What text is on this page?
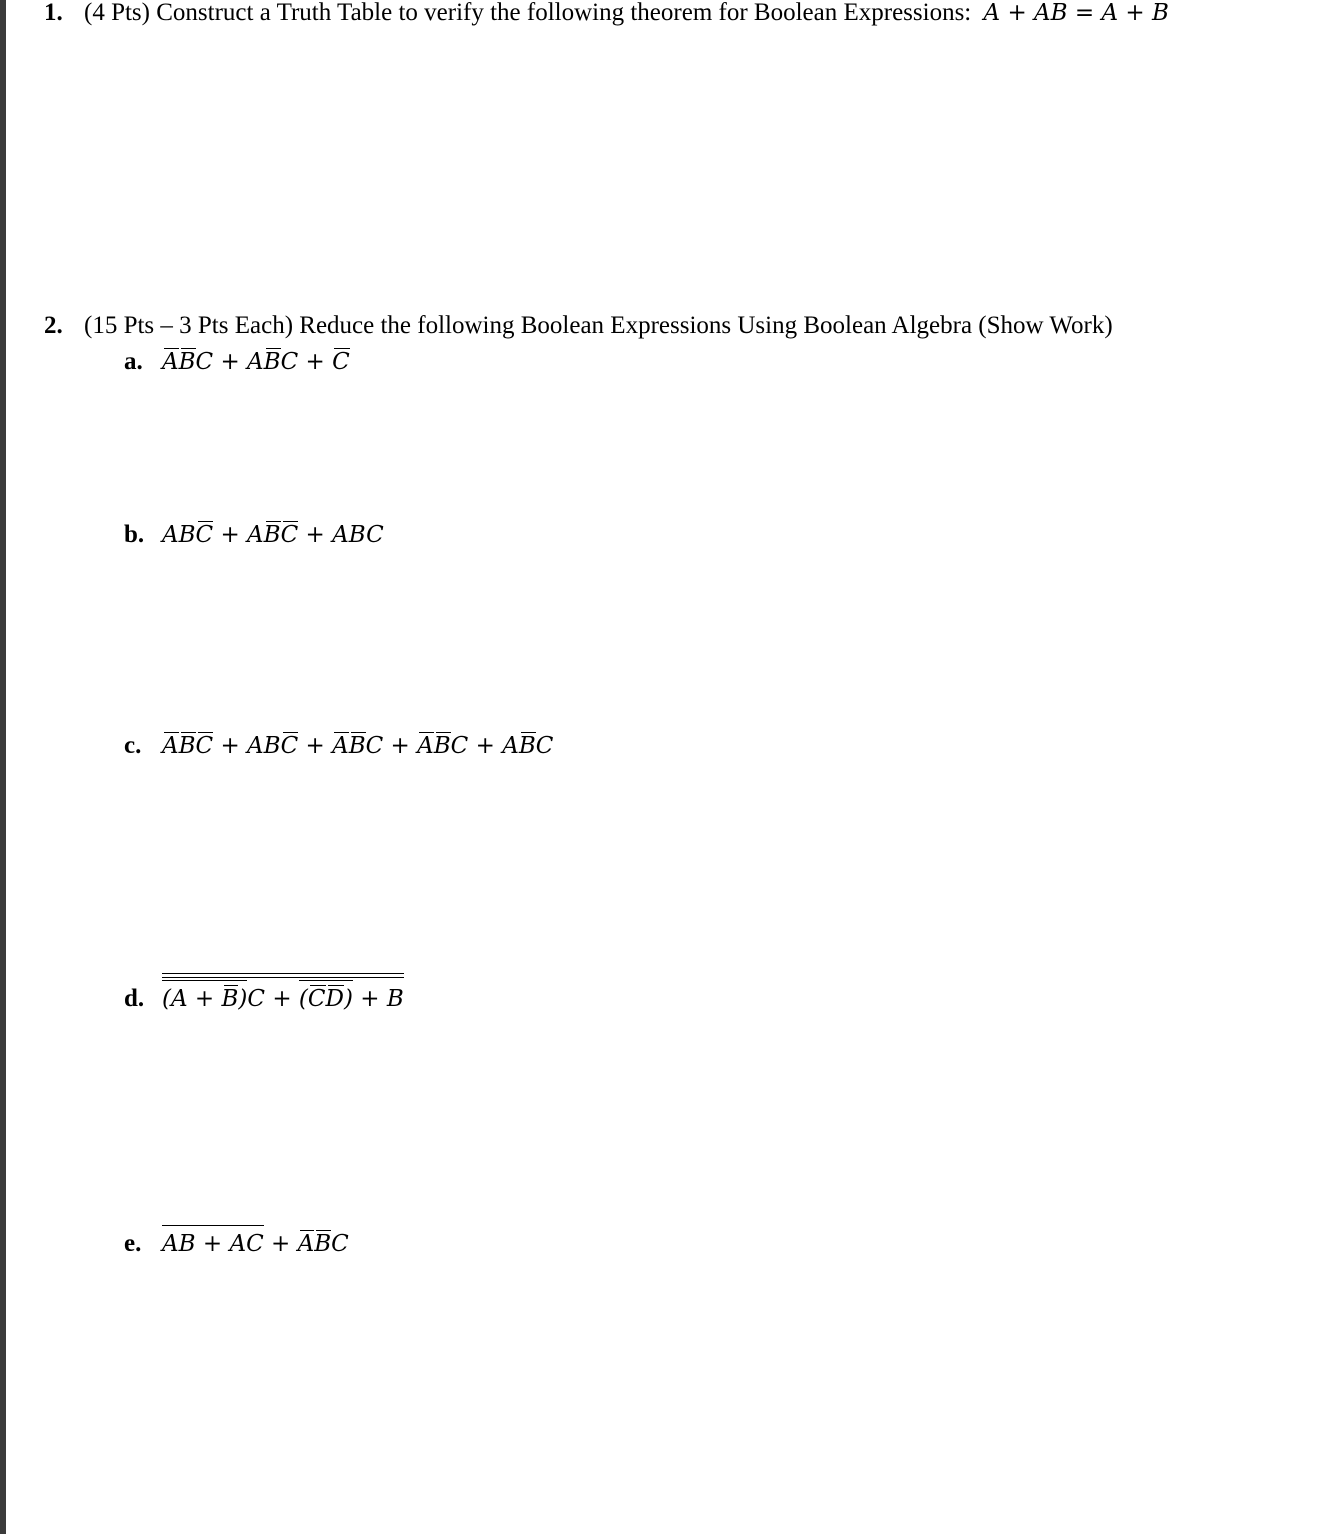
1. (4 Pts) Construct a Truth Table to verify the following theorem for Boolean Expressions: A + AB = A + B
2. (15 Pts – 3 Pts Each) Reduce the following Boolean Expressions Using Boolean Algebra (Show Work)
a. ABC + ABC + C
b. ABC + ABC + ABC
c. ABC + ABC + ABC + ABC + ABC
d. (A + B)C + (CD) + B
e. AB + AC + ABC
